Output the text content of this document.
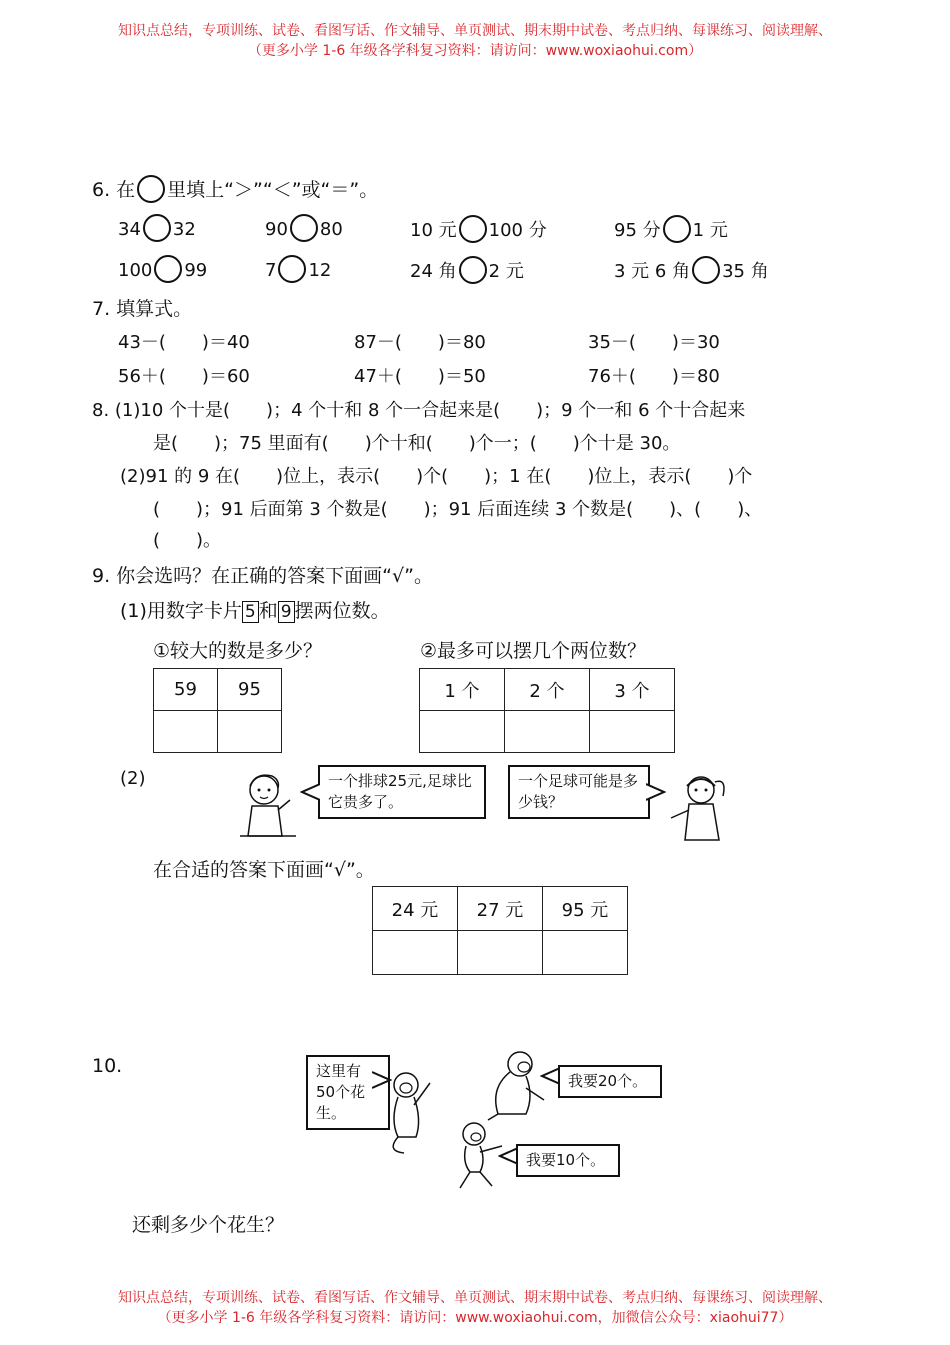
知识点总结，专项训练、试卷、看图写话、作文辅导、单页测试、期末期中试卷、考点归纳、每课练习、阅读理解、
（更多小学 1-6 年级各学科复习资料：请访问：www.woxiaohui.com）
6. 在 里填上“＞”“＜”或“＝”。
34 32	90 80	10 元 100 分	95 分 1 元
100 99	7 12	24 角 2 元	3 元 6 角 35 角
7. 填算式。
43－(　　)＝40	87－(　　)＝80	35－(　　)＝30
56＋(　　)＝60	47＋(　　)＝50	76＋(　　)＝80
8. (1)10 个十是(　　)；4 个十和 8 个一合起来是(　　)；9 个一和 6 个十合起来
是(　　)；75 里面有(　　)个十和(　　)个一；(　　)个十是 30。
(2)91 的 9 在(　　)位上，表示(　　)个(　　)；1 在(　　)位上，表示(　　)个
(　　)；91 后面第 3 个数是(　　)；91 后面连续 3 个数是(　　)、(　　)、
(　　)。
9. 你会选吗？在正确的答案下面画“√”。
(1)用数字卡片 5 和 9 摆两位数。
①较大的数是多少？	②最多可以摆几个两位数？
59	95
		1 个	2 个	3 个

(2)	一个排球25元,足球比它贵多了。
一个足球可能是多少钱？
在合适的答案下面画“√”。
24 元	27 元	95 元

10.	这里有50个花生。
我要20个。
我要10个。
还剩多少个花生？
知识点总结，专项训练、试卷、看图写话、作文辅导、单页测试、期末期中试卷、考点归纳、每课练习、阅读理解、
（更多小学 1-6 年级各学科复习资料：请访问：www.woxiaohui.com，加微信公众号：xiaohui77）
